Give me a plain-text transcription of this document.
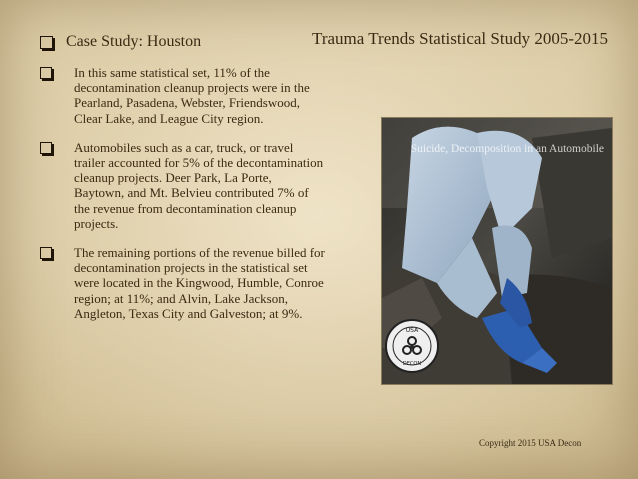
Trauma Trends Statistical Study 2005-2015
Case Study: Houston
In this same statistical set, 11% of the decontamination cleanup projects were in the Pearland, Pasadena, Webster, Friendswood, Clear Lake, and League City region.
Automobiles such as a car, truck, or travel trailer accounted for 5% of the decontamination cleanup projects. Deer Park, La Porte, Baytown, and Mt. Belvieu contributed 7% of the revenue from decontamination cleanup projects.
The remaining portions of the revenue billed for decontamination projects in the statistical set were located in the Kingwood, Humble, Conroe region; at 11%; and Alvin, Lake Jackson, Angleton, Texas City and Galveston; at 9%.
USA
DECON
Suicide, Decomposition in an Automobile
Copyright 2015 USA Decon
